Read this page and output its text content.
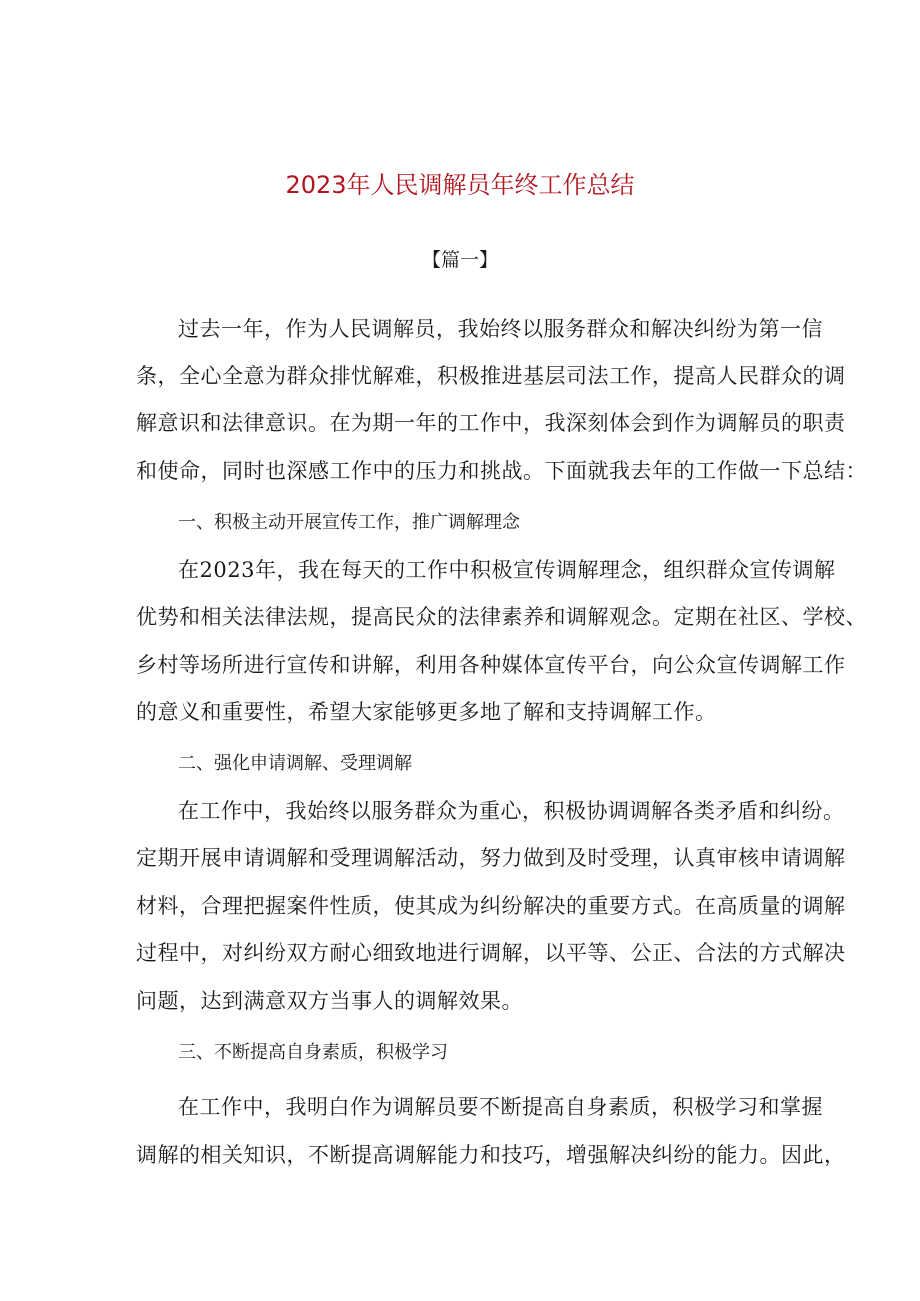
2023年人民调解员年终工作总结
【篇一】
过去一年，作为人民调解员，我始终以服务群众和解决纠纷为第一信
条，全心全意为群众排忧解难，积极推进基层司法工作，提高人民群众的调
解意识和法律意识。在为期一年的工作中，我深刻体会到作为调解员的职责
和使命，同时也深感工作中的压力和挑战。下面就我去年的工作做一下总结：
一、积极主动开展宣传工作，推广调解理念
在2023年，我在每天的工作中积极宣传调解理念，组织群众宣传调解
优势和相关法律法规，提高民众的法律素养和调解观念。定期在社区、学校、
乡村等场所进行宣传和讲解，利用各种媒体宣传平台，向公众宣传调解工作
的意义和重要性，希望大家能够更多地了解和支持调解工作。
二、强化申请调解、受理调解
在工作中，我始终以服务群众为重心，积极协调调解各类矛盾和纠纷。
定期开展申请调解和受理调解活动，努力做到及时受理，认真审核申请调解
材料，合理把握案件性质，使其成为纠纷解决的重要方式。在高质量的调解
过程中，对纠纷双方耐心细致地进行调解，以平等、公正、合法的方式解决
问题，达到满意双方当事人的调解效果。
三、不断提高自身素质，积极学习
在工作中，我明白作为调解员要不断提高自身素质，积极学习和掌握
调解的相关知识，不断提高调解能力和技巧，增强解决纠纷的能力。因此，
